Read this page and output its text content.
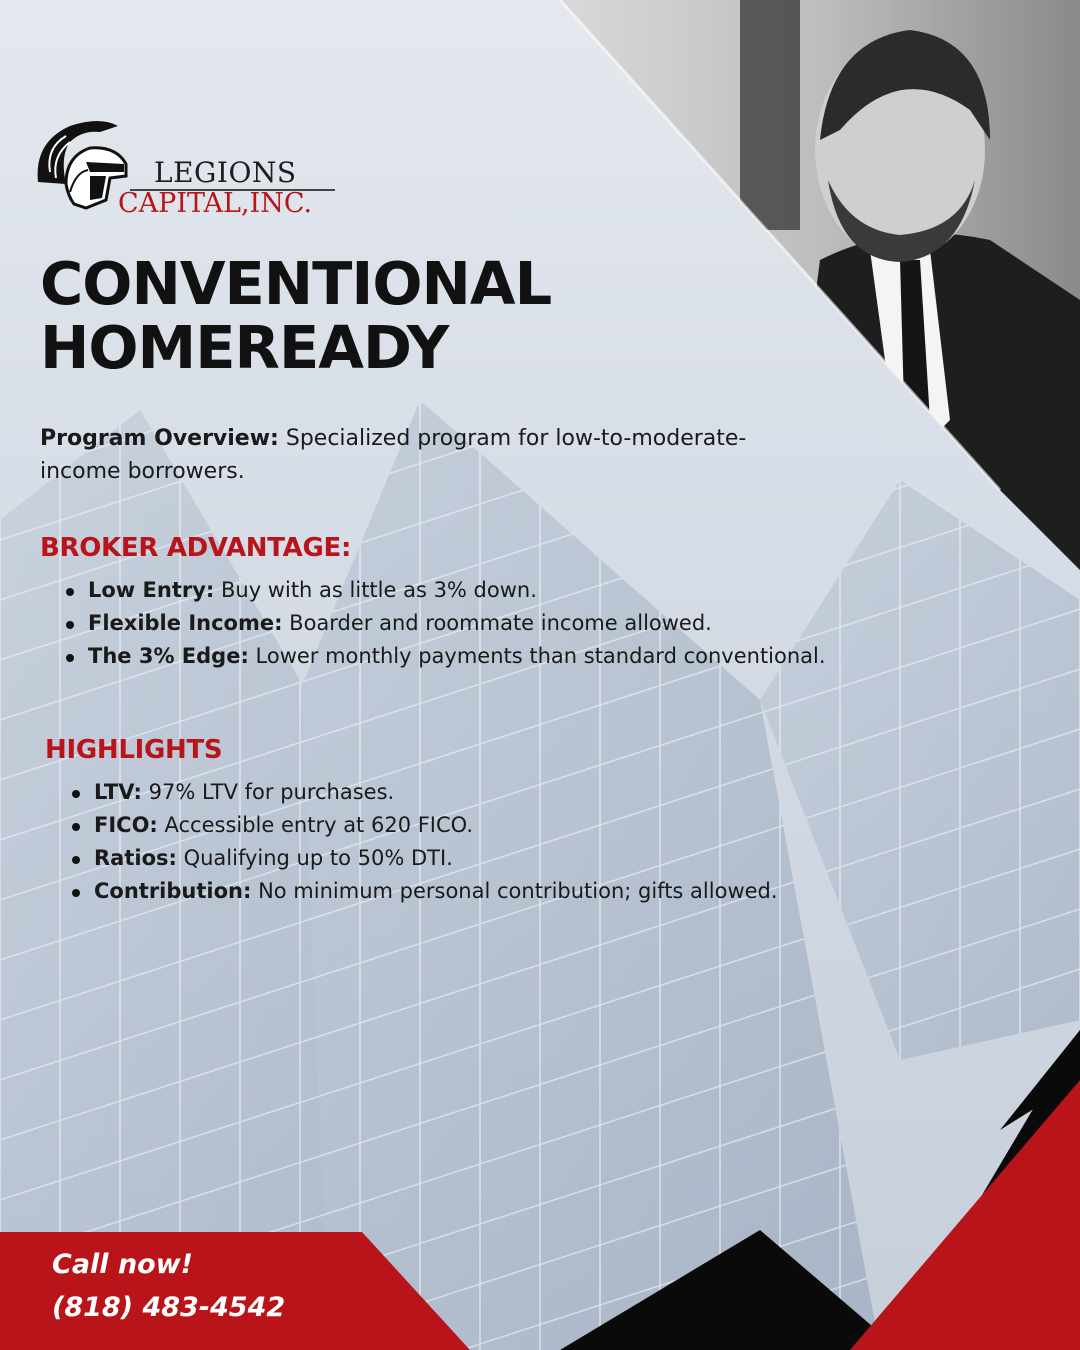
LEGIONS
CAPITAL,INC.
CONVENTIONAL
HOMEREADY
Program Overview: Specialized program for low-to-moderate-income borrowers.
BROKER ADVANTAGE:
Low Entry: Buy with as little as 3% down.
Flexible Income: Boarder and roommate income allowed.
The 3% Edge: Lower monthly payments than standard conventional.
HIGHLIGHTS
LTV: 97% LTV for purchases.
FICO: Accessible entry at 620 FICO.
Ratios: Qualifying up to 50% DTI.
Contribution: No minimum personal contribution; gifts allowed.
Call now!
(818) 483-4542
